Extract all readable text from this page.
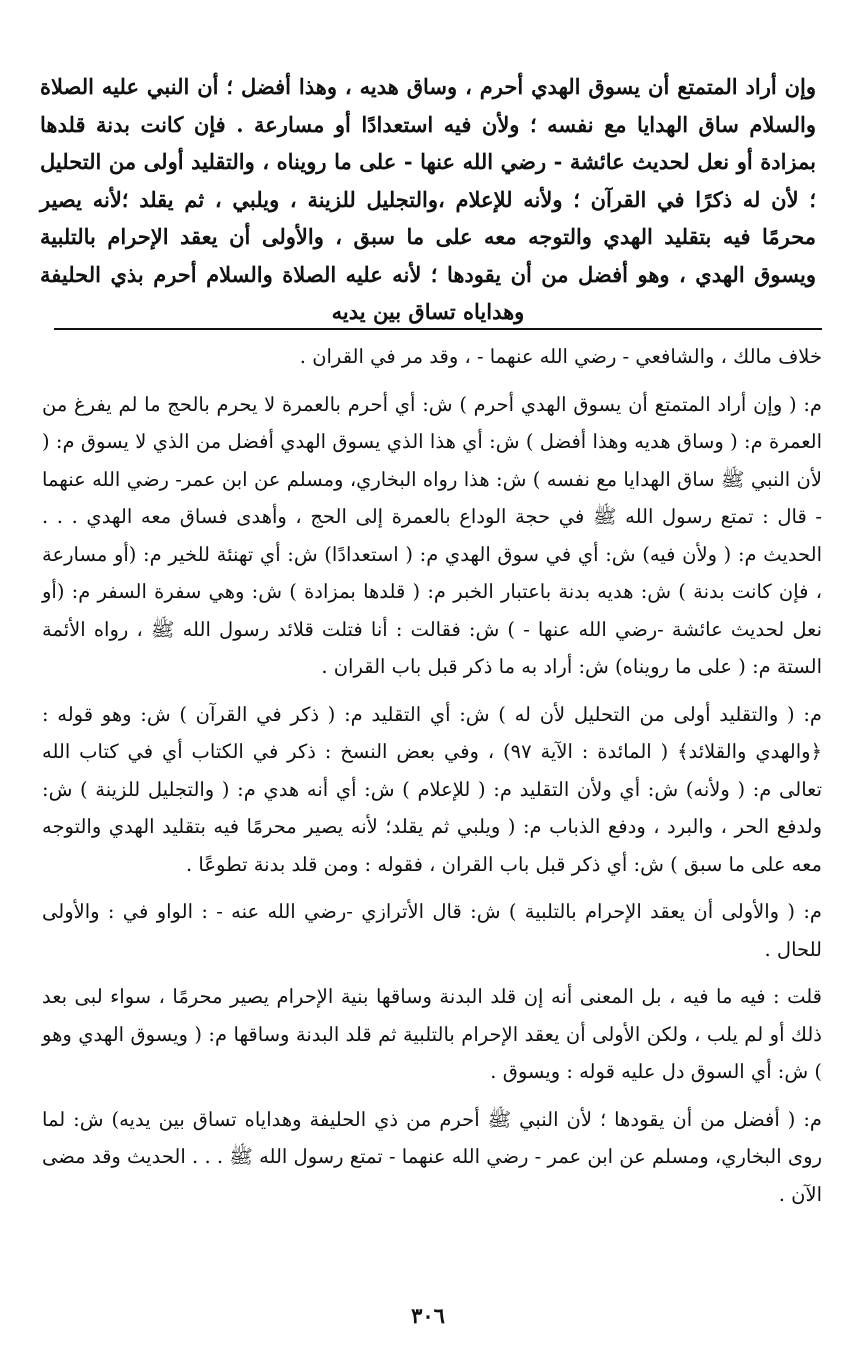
وإن أراد المتمتع أن يسوق الهدي أحرم ، وساق هديه ، وهذا أفضل ؛ أن النبي عليه الصلاة والسلام ساق الهدايا مع نفسه ؛ ولأن فيه استعدادًا أو مسارعة . فإن كانت بدنة قلدها بمزادة أو نعل لحديث عائشة - رضي الله عنها - على ما رويناه ، والتقليد أولى من التحليل ؛ لأن له ذكرًا في القرآن ؛ ولأنه للإعلام ،والتجليل للزينة ، ويلبي ، ثم يقلد ؛لأنه يصير محرمًا فيه بتقليد الهدي والتوجه معه على ما سبق ، والأولى أن يعقد الإحرام بالتلبية ويسوق الهدي ، وهو أفضل من أن يقودها ؛ لأنه عليه الصلاة والسلام أحرم بذي الحليفة وهداياه تساق بين يديه

خلاف مالك ، والشافعي - رضي الله عنهما - ، وقد مر في القران .

م: ( وإن أراد المتمتع أن يسوق الهدي أحرم ) ش: أي أحرم بالعمرة لا يحرم بالحج ما لم يفرغ من العمرة م: ( وساق هديه وهذا أفضل ) ش: أي هذا الذي يسوق الهدي أفضل من الذي لا يسوق م: ( لأن النبي ﷺ ساق الهدايا مع نفسه ) ش: هذا رواه البخاري، ومسلم عن ابن عمر- رضي الله عنهما - قال : تمتع رسول الله ﷺ في حجة الوداع بالعمرة إلى الحج ، وأهدى فساق معه الهدي . . . الحديث م: ( ولأن فيه) ش: أي في سوق الهدي م: ( استعدادًا) ش: أي تهنئة للخير م: (أو مسارعة ، فإن كانت بدنة ) ش: هديه بدنة باعتبار الخبر م: ( قلدها بمزادة ) ش: وهي سفرة السفر م: (أو نعل لحديث عائشة -رضي الله عنها - ) ش: فقالت : أنا فتلت قلائد رسول الله ﷺ ، رواه الأئمة الستة م: ( على ما رويناه) ش: أراد به ما ذكر قبل باب القران .

م: ( والتقليد أولى من التحليل لأن له ) ش: أي التقليد م: ( ذكر في القرآن ) ش: وهو قوله : ﴿والهدي والقلائد﴾ ( المائدة : الآية ٩٧) ، وفي بعض النسخ : ذكر في الكتاب أي في كتاب الله تعالى م: ( ولأنه) ش: أي ولأن التقليد م: ( للإعلام ) ش: أي أنه هدي م: ( والتجليل للزينة ) ش: ولدفع الحر ، والبرد ، ودفع الذباب م: ( ويلبي ثم يقلد؛ لأنه يصير محرمًا فيه بتقليد الهدي والتوجه معه على ما سبق ) ش: أي ذكر قبل باب القران ، فقوله : ومن قلد بدنة تطوعًا .

م: ( والأولى أن يعقد الإحرام بالتلبية ) ش: قال الأترازي -رضي الله عنه - : الواو في : والأولى للحال .

قلت : فيه ما فيه ، بل المعنى أنه إن قلد البدنة وساقها بنية الإحرام يصير محرمًا ، سواء لبى بعد ذلك أو لم يلب ، ولكن الأولى أن يعقد الإحرام بالتلبية ثم قلد البدنة وساقها م: ( ويسوق الهدي وهو ) ش: أي السوق دل عليه قوله : ويسوق .

م: ( أفضل من أن يقودها ؛ لأن النبي ﷺ أحرم من ذي الحليفة وهداياه تساق بين يديه) ش: لما روى البخاري، ومسلم عن ابن عمر - رضي الله عنهما - تمتع رسول الله ﷺ . . . الحديث وقد مضى الآن .

٣٠٦
